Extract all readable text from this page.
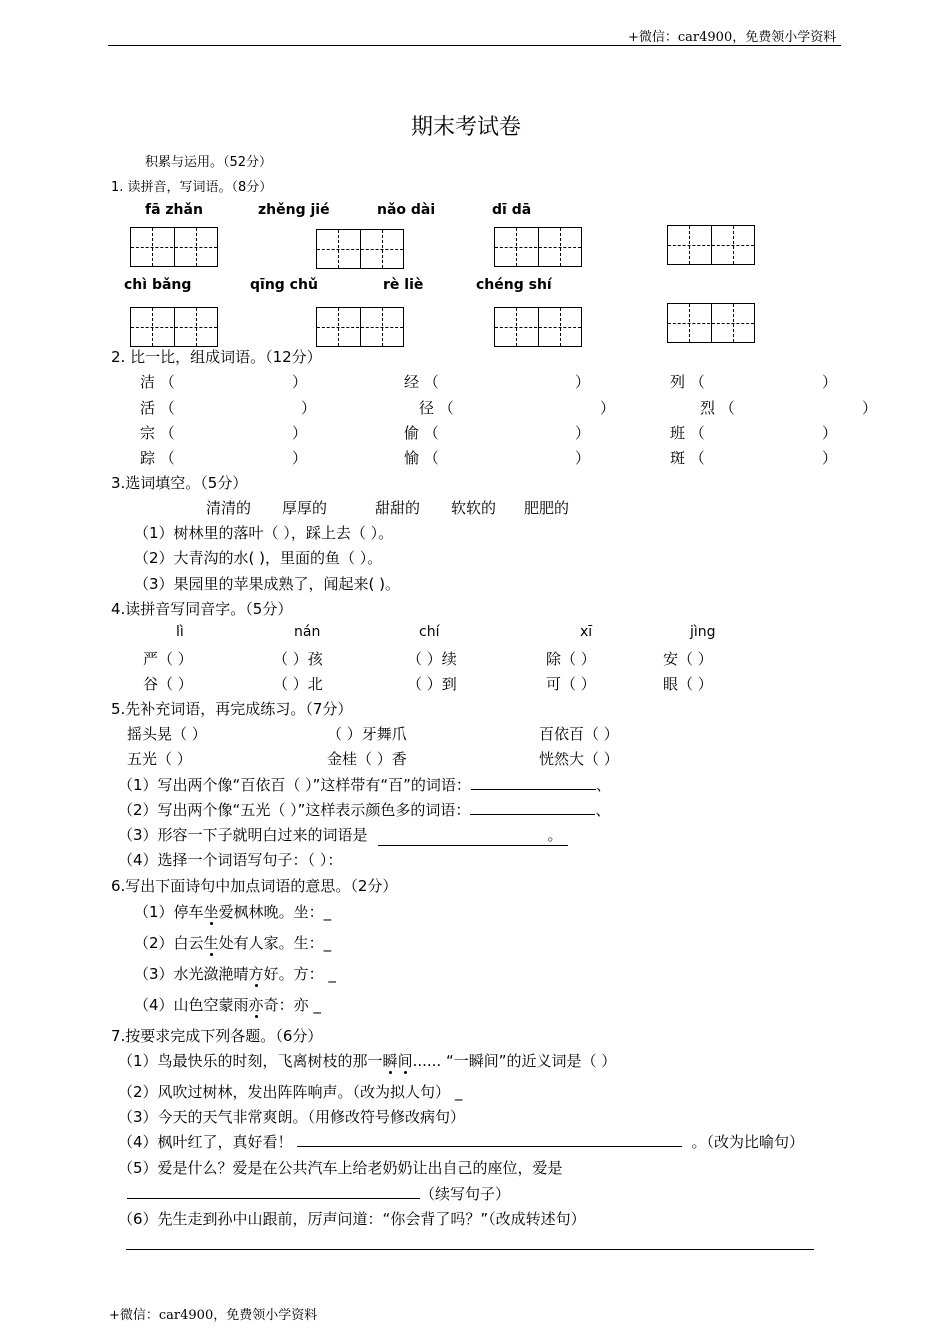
+微信：car4900，免费领小学资料
期末考试卷
积累与运用。（52分）
1. 读拼音，写词语。（8分）
fā zhǎn	zhěng jié	nǎo dài	dī dā
chì bǎng	qīng chǔ	rè liè	chéng shí
2. 比一比，组成词语。（12分）
洁 （	）	经 （	）	列 （	）
活 （	）	径 （	）	烈 （	）
宗 （	）	偷 （	）	班 （	）
踪 （	）	愉 （	）	斑 （	）
3.选词填空。（5分）
清清的 厚厚的	甜甜的 软软的 肥肥的
（1）树林里的落叶（ ），踩上去（ ）。
（2）大青沟的水( )，里面的鱼（ ）。
（3）果园里的苹果成熟了，闻起来( )。
4.读拼音写同音字。（5分）
lì	nán	chí	xī	jìng
严（ ）	（ ）孩	（ ）续	除（ ）	安（ ）
谷（ ）	（ ）北	（ ）到	可（ ）	眼（ ）
5.先补充词语，再完成练习。（7分）
摇头晃（ ）	（ ）牙舞爪	百依百（ ）
五光（ ）	金桂（ ）香	恍然大（ ）
（1）写出两个像“百依百（ ）”这样带有“百”的词语：	、
（2）写出两个像“五光（ ）”这样表示颜色多的词语：	、
（3）形容一下子就明白过来的词语是	。
（4）选择一个词语写句子：（ ）：
6.写出下面诗句中加点词语的意思。（2分）
（1）停车坐爱枫林晚。坐：_
（2）白云生处有人家。生：_
（3）水光潋滟晴方好。方： _
（4）山色空蒙雨亦奇：亦 _
7.按要求完成下列各题。（6分）
（1）鸟最快乐的时刻，飞离树枝的那一瞬间...... “一瞬间”的近义词是（ ）
（2）风吹过树林，发出阵阵响声。（改为拟人句） _
（3）今天的天气非常爽朗。（用修改符号修改病句）
（4）枫叶红了，真好看！	。（改为比喻句）
（5）爱是什么？爱是在公共汽车上给老奶奶让出自己的座位，爱是
（续写句子）
（6）先生走到孙中山跟前，厉声问道：“你会背了吗？”（改成转述句）
+微信：car4900，免费领小学资料
